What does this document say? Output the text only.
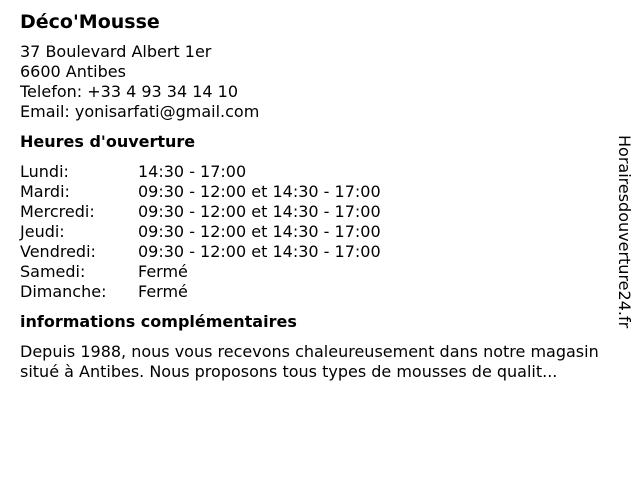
Déco'Mousse
37 Boulevard Albert 1er
6600 Antibes
Telefon: +33 4 93 34 14 10
Email: yonisarfati@gmail.com
Heures d'ouverture
Lundi:	14:30 - 17:00
Mardi:	09:30 - 12:00 et 14:30 - 17:00
Mercredi:	09:30 - 12:00 et 14:30 - 17:00
Jeudi:	09:30 - 12:00 et 14:30 - 17:00
Vendredi:	09:30 - 12:00 et 14:30 - 17:00
Samedi:	Fermé
Dimanche:	Fermé
informations complémentaires
Depuis 1988, nous vous recevons chaleureusement dans notre magasin situé à Antibes. Nous proposons tous types de mousses de qualit...
Horairesdouverture24.fr
